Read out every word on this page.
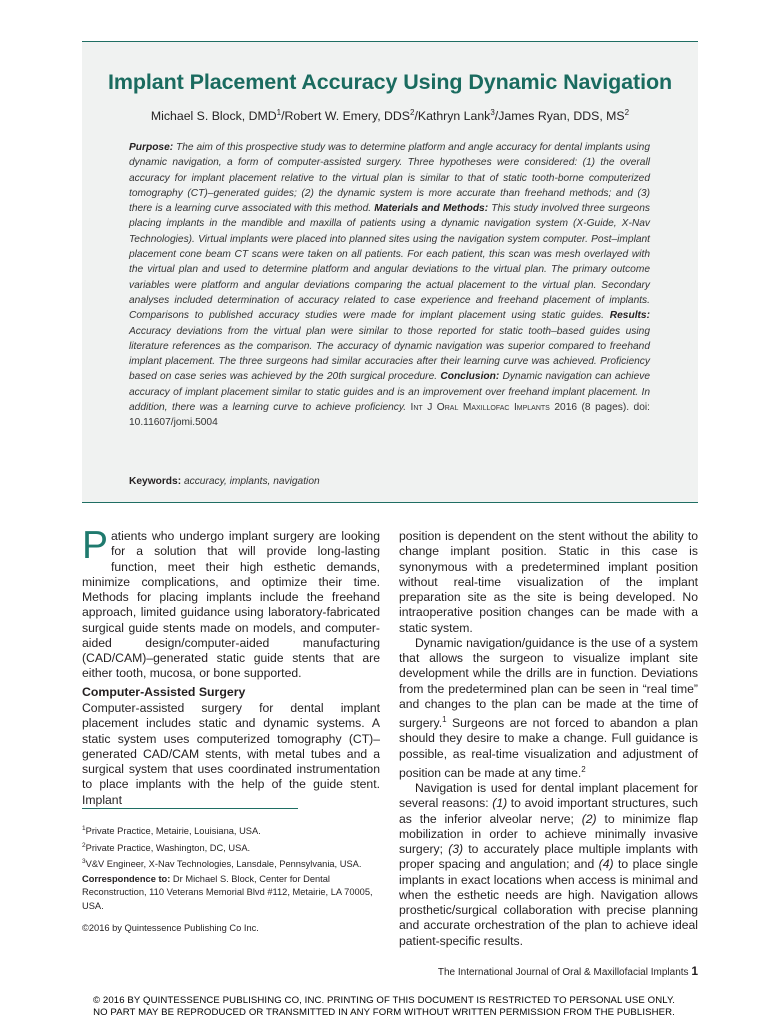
Implant Placement Accuracy Using Dynamic Navigation
Michael S. Block, DMD$^1$/Robert W. Emery, DDS$^2$/Kathryn Lank$^3$/James Ryan, DDS, $MS^2$
Purpose: The aim of this prospective study was to determine platform and angle accuracy for dental implants using dynamic navigation, a form of computer-assisted surgery. Three hypotheses were considered: (1) the overall accuracy for implant placement relative to the virtual plan is similar to that of static tooth-borne computerized tomography (CT)–generated guides; (2) the dynamic system is more accurate than freehand methods; and (3) there is a learning curve associated with this method. Materials and Methods: This study involved three surgeons placing implants in the mandible and maxilla of patients using a dynamic navigation system (X-Guide, X-Nav Technologies). Virtual implants were placed into planned sites using the navigation system computer. Post–implant placement cone beam CT scans were taken on all patients. For each patient, this scan was mesh overlayed with the virtual plan and used to determine platform and angular deviations to the virtual plan. The primary outcome variables were platform and angular deviations comparing the actual placement to the virtual plan. Secondary analyses included determination of accuracy related to case experience and freehand placement of implants. Comparisons to published accuracy studies were made for implant placement using static guides. Results: Accuracy deviations from the virtual plan were similar to those reported for static tooth–based guides using literature references as the comparison. The accuracy of dynamic navigation was superior compared to freehand implant placement. The three surgeons had similar accuracies after their learning curve was achieved. Proficiency based on case series was achieved by the 20th surgical procedure. Conclusion: Dynamic navigation can achieve accuracy of implant placement similar to static guides and is an improvement over freehand implant placement. In addition, there was a learning curve to achieve proficiency. Int J Oral Maxillofac Implants 2016 (8 pages). doi: 10.11607/jomi.5004
Keywords: accuracy, implants, navigation
Patients who undergo implant surgery are looking for a solution that will provide long-lasting function, meet their high esthetic demands, minimize complications, and optimize their time. Methods for placing implants include the freehand approach, limited guidance using laboratory-fabricated surgical guide stents made on models, and computer-aided design/computer-aided manufacturing (CAD/CAM)–generated static guide stents that are either tooth, mucosa, or bone supported.
Computer-Assisted Surgery
Computer-assisted surgery for dental implant placement includes static and dynamic systems. A static system uses computerized tomography (CT)–generated CAD/CAM stents, with metal tubes and a surgical system that uses coordinated instrumentation to place implants with the help of the guide stent. Implant

position is dependent on the stent without the ability to change implant position. Static in this case is synonymous with a predetermined implant position without real-time visualization of the implant preparation site as the site is being developed. No intraoperative position changes can be made with a static system.

Dynamic navigation/guidance is the use of a system that allows the surgeon to visualize implant site development while the drills are in function. Deviations from the predetermined plan can be seen in “real time” and changes to the plan can be made at the time of surgery.$^1$ Surgeons are not forced to abandon a plan should they desire to make a change. Full guidance is possible, as real-time visualization and adjustment of position can be made at any time.$^2$

Navigation is used for dental implant placement for several reasons: (1) to avoid important structures, such as the inferior alveolar nerve; (2) to minimize flap mobilization in order to achieve minimally invasive surgery; (3) to accurately place multiple implants with proper spacing and angulation; and (4) to place single implants in exact locations when access is minimal and when the esthetic needs are high. Navigation allows prosthetic/surgical collaboration with precise planning and accurate orchestration of the plan to achieve ideal patient-specific results.

$^1$Private Practice, Metairie, Louisiana, USA.

$^2$Private Practice, Washington, DC, USA.

$^3$V&V Engineer, X-Nav Technologies, Lansdale, Pennsylvania, USA.

Correspondence to: Dr Michael S. Block, Center for Dental Reconstruction, 110 Veterans Memorial Blvd #112, Metairie, LA 70005, USA.
©2016 by Quintessence Publishing Co Inc.
The International Journal of Oral & Maxillofacial Implants 1
© 2016 BY QUINTESSENCE PUBLISHING CO, INC. PRINTING OF THIS DOCUMENT IS RESTRICTED TO PERSONAL USE ONLY.
NO PART MAY BE REPRODUCED OR TRANSMITTED IN ANY FORM WITHOUT WRITTEN PERMISSION FROM THE PUBLISHER.
